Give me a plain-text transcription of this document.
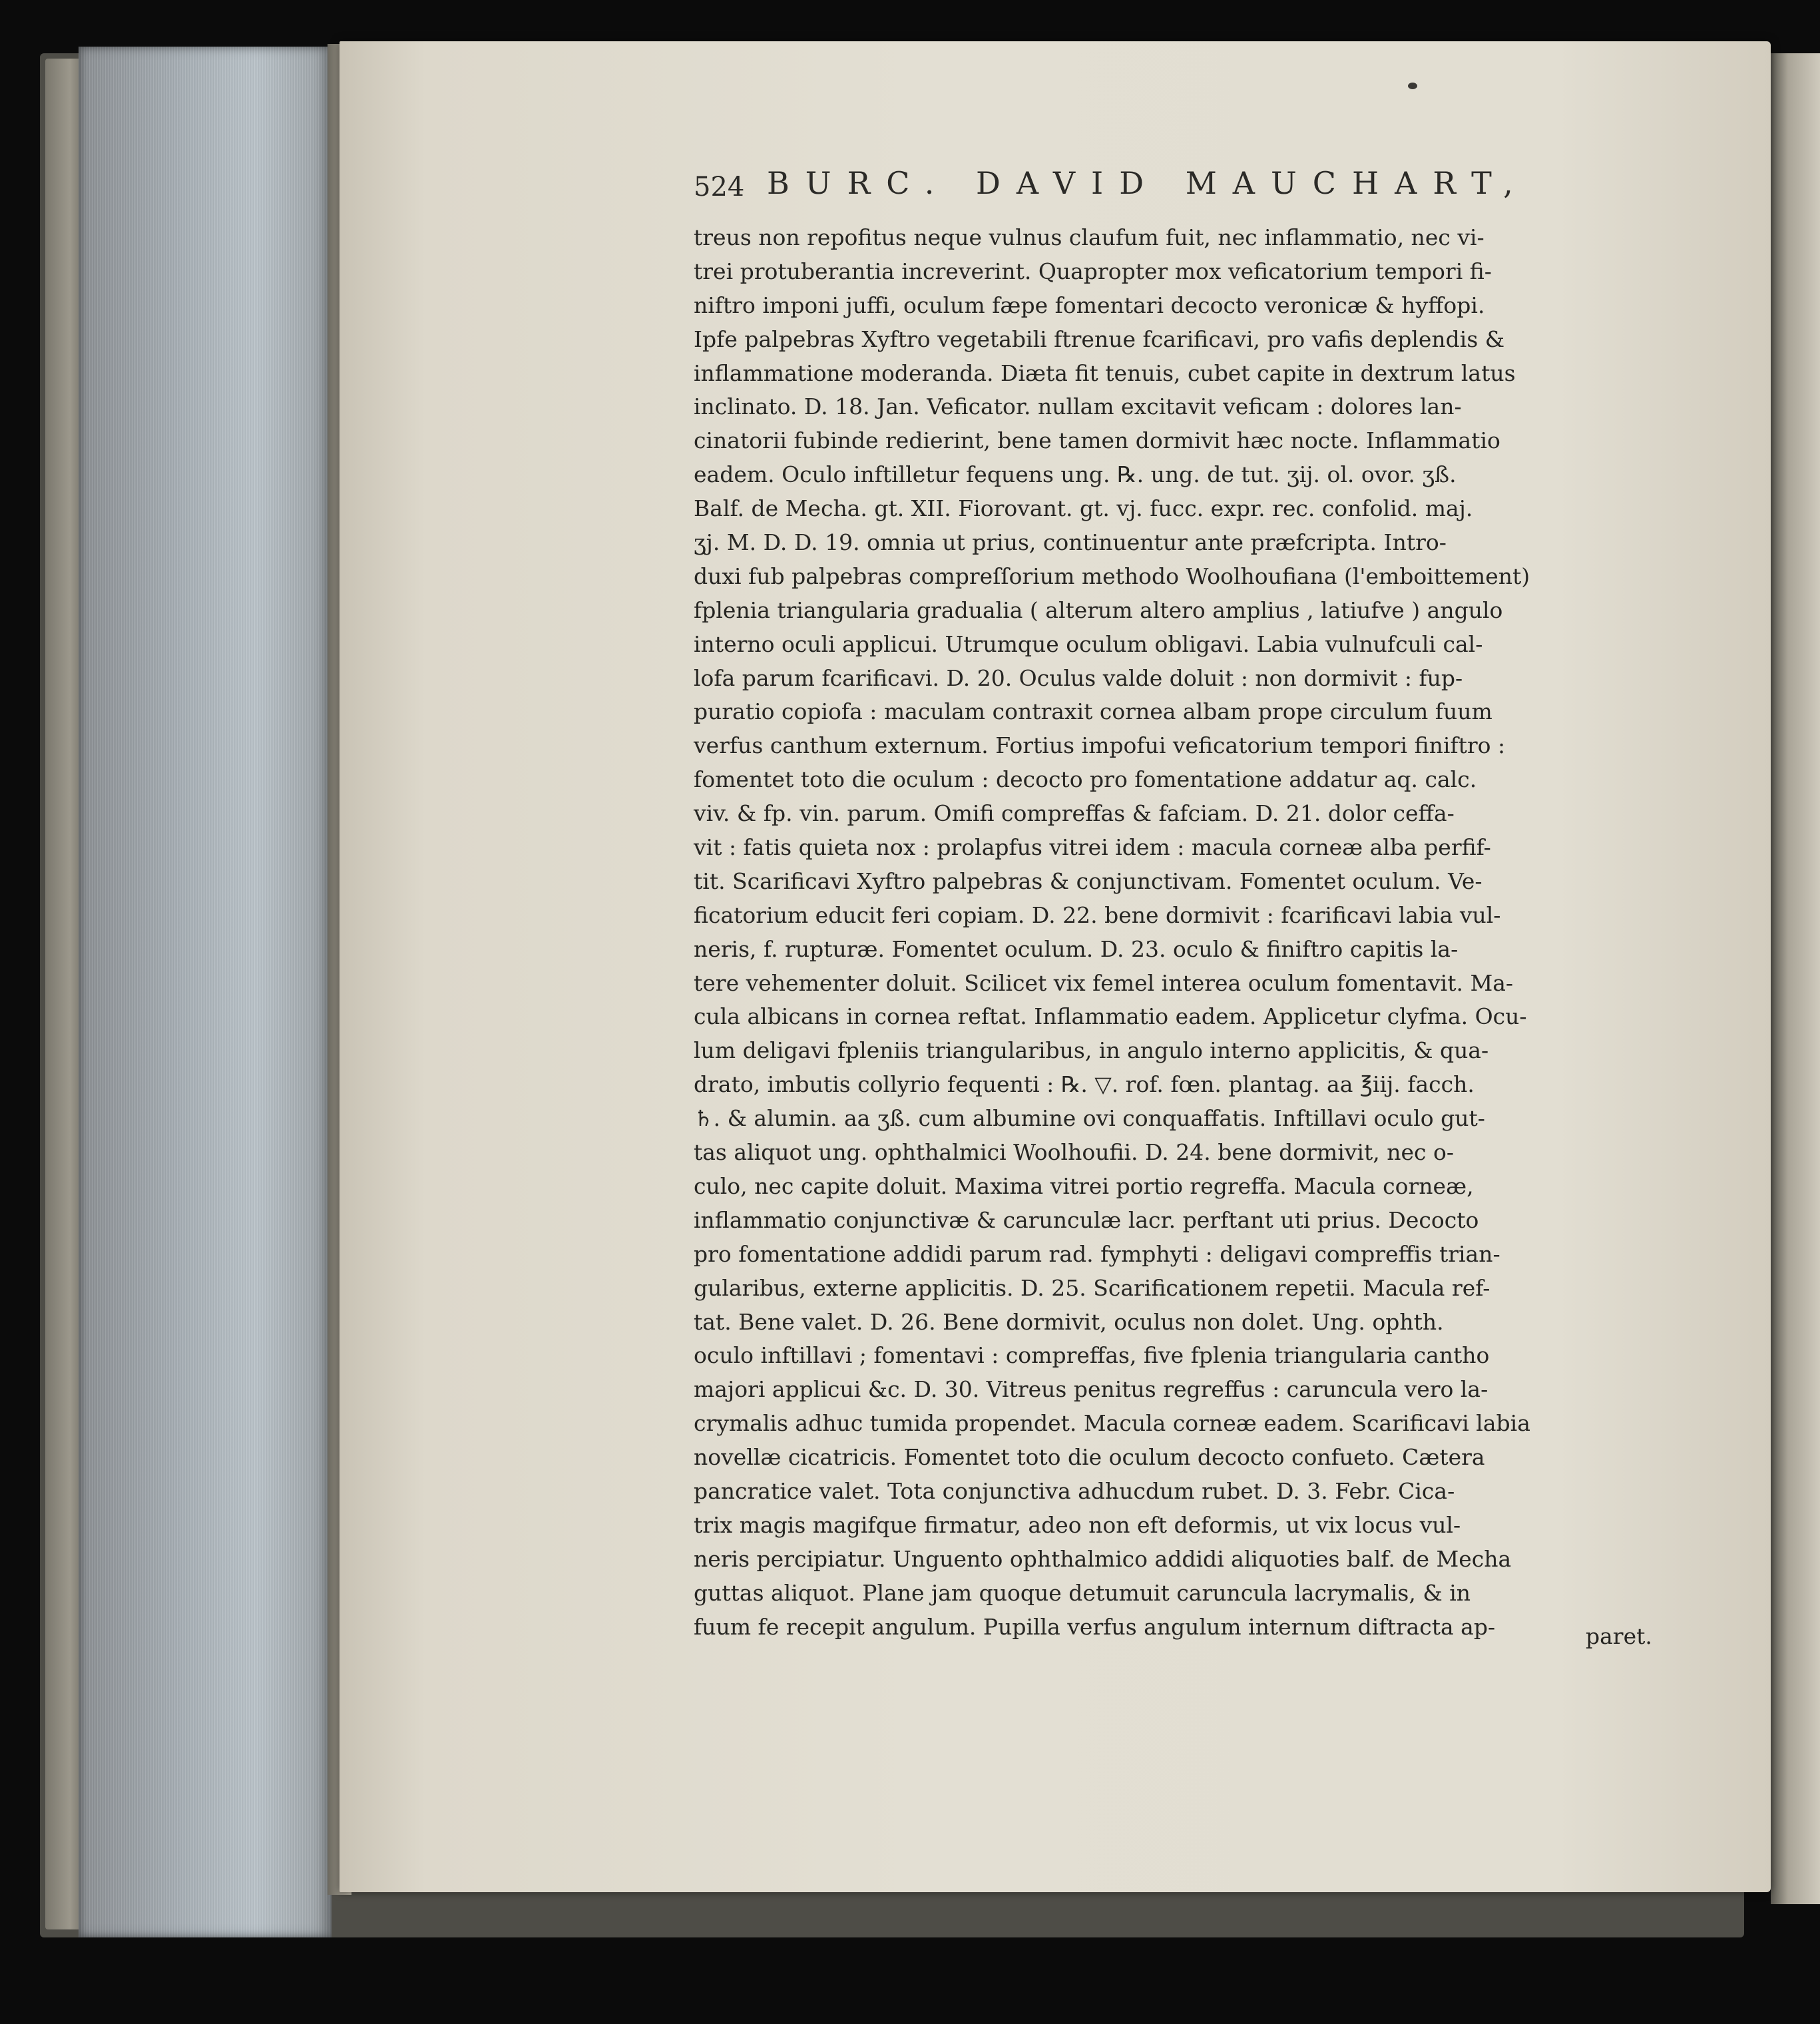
524 BURC. DAVID MAUCHART,
treus non repofitus neque vulnus claufum fuit, nec inflammatio, nec vi-
trei protuberantia increverint. Quapropter mox veficatorium tempori fi-
niftro imponi juffi, oculum fæpe fomentari decocto veronicæ & hyffopi.
Ipfe palpebras Xyftro vegetabili ftrenue fcarificavi, pro vafis deplendis &
inflammatione moderanda. Diæta fit tenuis, cubet capite in dextrum latus
inclinato. D. 18. Jan. Veficator. nullam excitavit veficam : dolores lan-
cinatorii fubinde redierint, bene tamen dormivit hæc nocte. Inflammatio
eadem. Oculo inftilletur fequens ung. ℞. ung. de tut. ʒij. ol. ovor. ʒß.
Balf. de Mecha. gt. XII. Fiorovant. gt. vj. fucc. expr. rec. confolid. maj.
ʒj. M. D. D. 19. omnia ut prius, continuentur ante præfcripta. Intro-
duxi fub palpebras compreſſorium methodo Woolhoufiana (l'emboittement)
fplenia triangularia gradualia ( alterum altero amplius , latiufve ) angulo
interno oculi applicui. Utrumque oculum obligavi. Labia vulnufculi cal-
lofa parum fcarificavi. D. 20. Oculus valde doluit : non dormivit : fup-
puratio copiofa : maculam contraxit cornea albam prope circulum fuum
verfus canthum externum. Fortius impofui veficatorium tempori finiftro :
fomentet toto die oculum : decocto pro fomentatione addatur aq. calc.
viv. & fp. vin. parum. Omifi compreffas & fafciam. D. 21. dolor ceffa-
vit : fatis quieta nox : prolapfus vitrei idem : macula corneæ alba perfif-
tit. Scarificavi Xyftro palpebras & conjunctivam. Fomentet oculum. Ve-
ficatorium educit feri copiam. D. 22. bene dormivit : fcarificavi labia vul-
neris, f. rupturæ. Fomentet oculum. D. 23. oculo & finiftro capitis la-
tere vehementer doluit. Scilicet vix femel interea oculum fomentavit. Ma-
cula albicans in cornea reftat. Inflammatio eadem. Applicetur clyfma. Ocu-
lum deligavi fpleniis triangularibus, in angulo interno applicitis, & qua-
drato, imbutis collyrio fequenti : ℞. ▽. rof. fœn. plantag. aa ℥iij. facch.
♄. & alumin. aa ʒß. cum albumine ovi conquaffatis. Inftillavi oculo gut-
tas aliquot ung. ophthalmici Woolhoufii. D. 24. bene dormivit, nec o-
culo, nec capite doluit. Maxima vitrei portio regreffa. Macula corneæ,
inflammatio conjunctivæ & carunculæ lacr. perftant uti prius. Decocto
pro fomentatione addidi parum rad. fymphyti : deligavi compreffis trian-
gularibus, externe applicitis. D. 25. Scarificationem repetii. Macula ref-
tat. Bene valet. D. 26. Bene dormivit, oculus non dolet. Ung. ophth.
oculo inftillavi ; fomentavi : compreffas, five fplenia triangularia cantho
majori applicui &c. D. 30. Vitreus penitus regreffus : caruncula vero la-
crymalis adhuc tumida propendet. Macula corneæ eadem. Scarificavi labia
novellæ cicatricis. Fomentet toto die oculum decocto confueto. Cætera
pancratice valet. Tota conjunctiva adhucdum rubet. D. 3. Febr. Cica-
trix magis magifque firmatur, adeo non eft deformis, ut vix locus vul-
neris percipiatur. Unguento ophthalmico addidi aliquoties balf. de Mecha
guttas aliquot. Plane jam quoque detumuit caruncula lacrymalis, & in
fuum fe recepit angulum. Pupilla verfus angulum internum diftracta ap-	paret.
